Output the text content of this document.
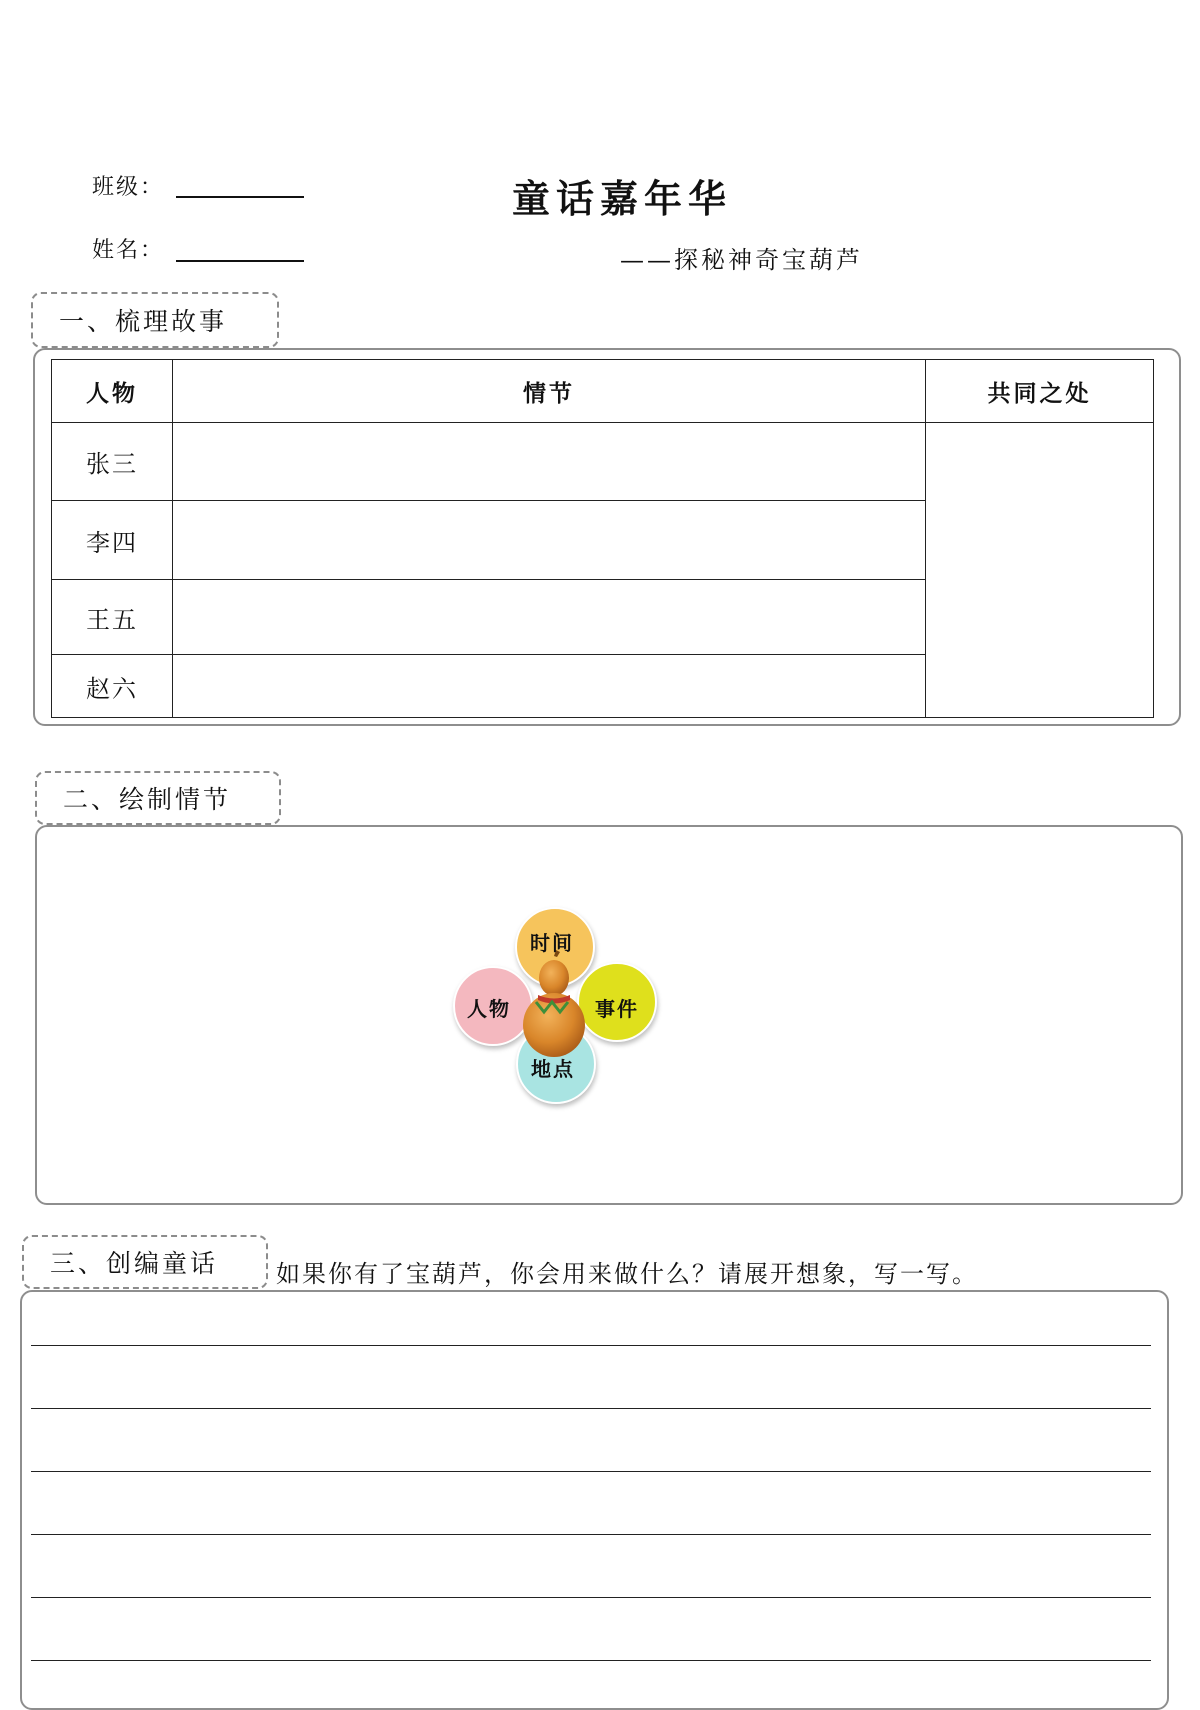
班级：
姓名：
童话嘉年华
——探秘神奇宝葫芦
一、梳理故事
人物	情节	共同之处
张三		
李四		
王五		
赵六		
二、绘制情节
时间
人物	事件
地点
三、创编童话	如果你有了宝葫芦，你会用来做什么？请展开想象，写一写。
